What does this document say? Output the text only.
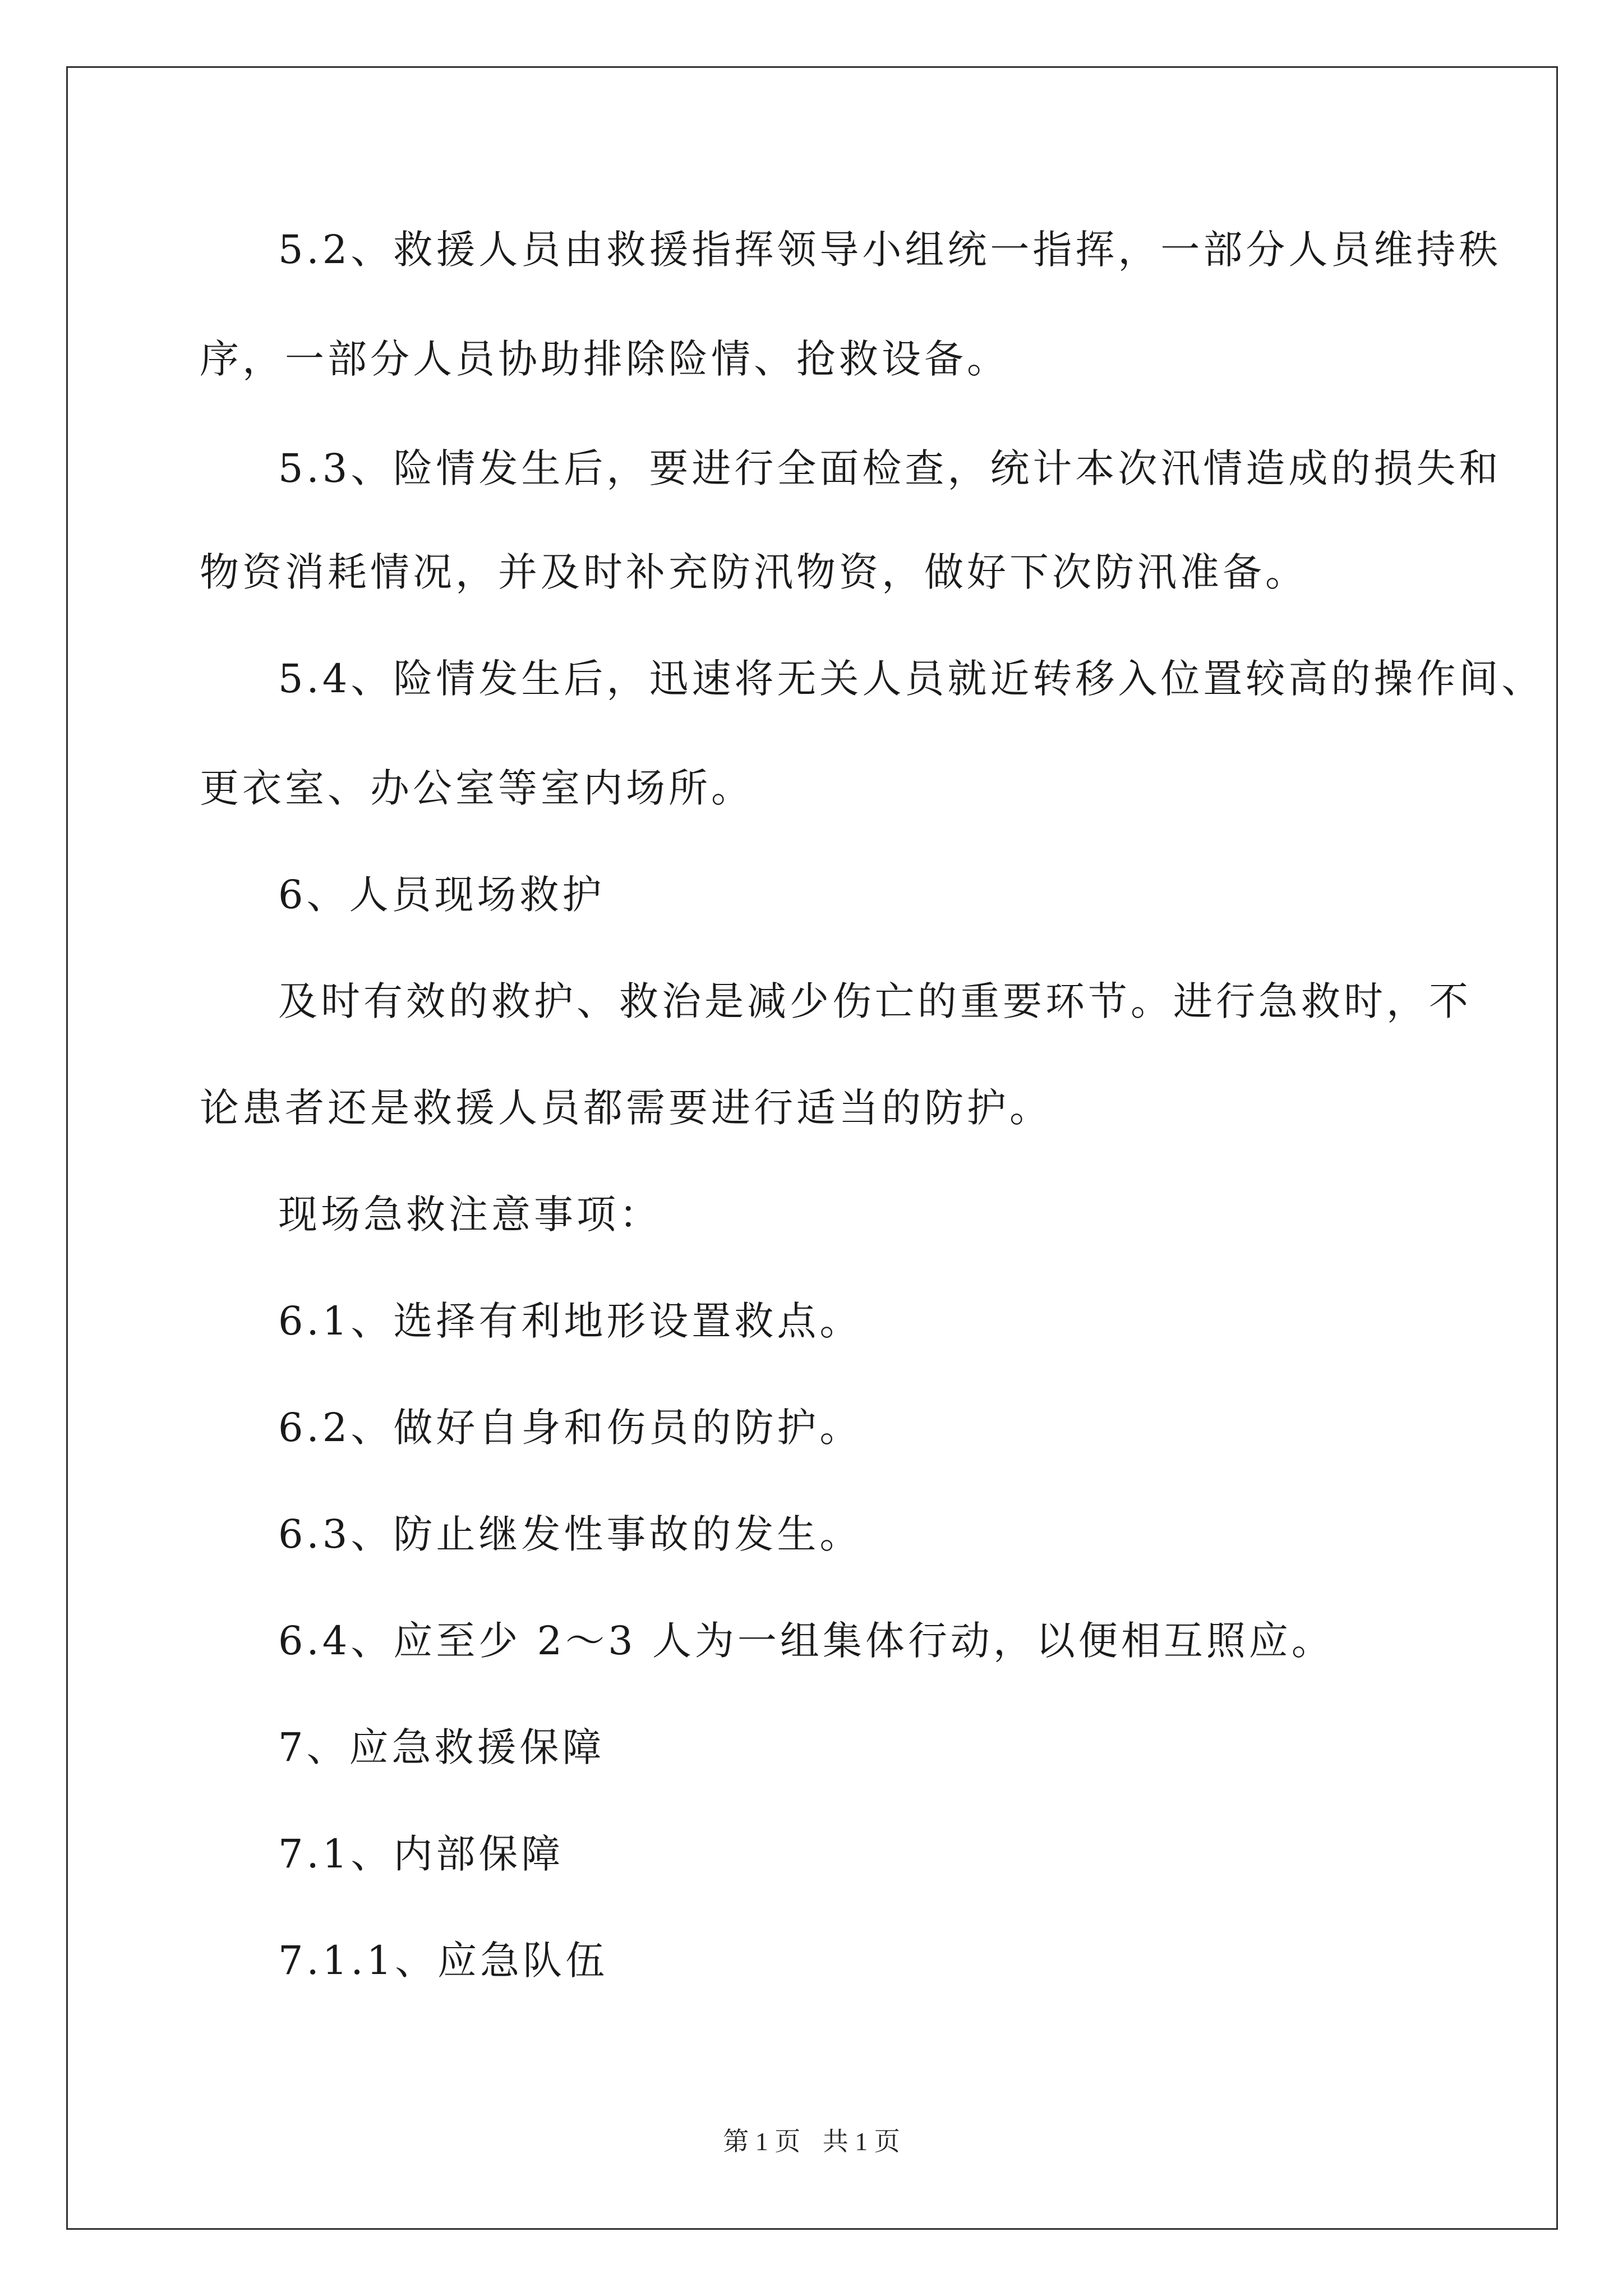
5.2、救援人员由救援指挥领导小组统一指挥，一部分人员维持秩

序，一部分人员协助排除险情、抢救设备。

5.3、险情发生后，要进行全面检查，统计本次汛情造成的损失和

物资消耗情况，并及时补充防汛物资，做好下次防汛准备。

5.4、险情发生后，迅速将无关人员就近转移入位置较高的操作间、

更衣室、办公室等室内场所。

6、人员现场救护

及时有效的救护、救治是减少伤亡的重要环节。进行急救时，不

论患者还是救援人员都需要进行适当的防护。

现场急救注意事项：

6.1、选择有利地形设置救点。

6.2、做好自身和伤员的防护。

6.3、防止继发性事故的发生。

6.4、应至少 2～3 人为一组集体行动，以便相互照应。

7、应急救援保障

7.1、内部保障

7.1.1、应急队伍

第 1 页 共 1 页
